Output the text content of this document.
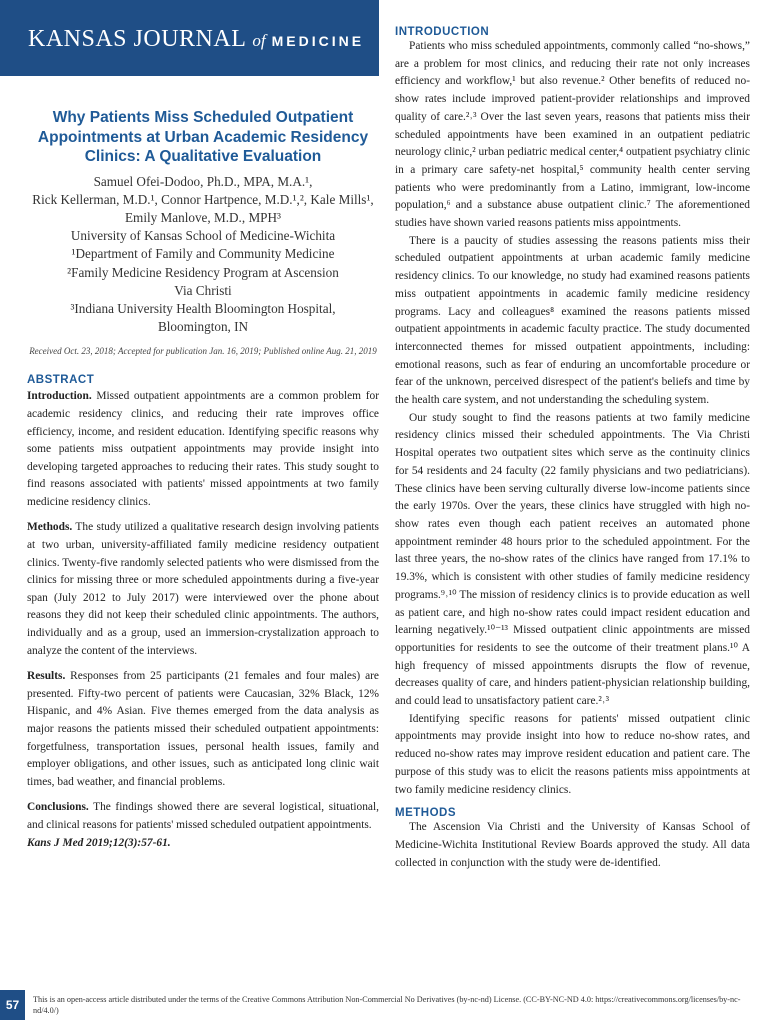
KANSAS JOURNAL of MEDICINE
Why Patients Miss Scheduled Outpatient Appointments at Urban Academic Residency Clinics: A Qualitative Evaluation
Samuel Ofei-Dodoo, Ph.D., MPA, M.A.¹,
Rick Kellerman, M.D.¹, Connor Hartpence, M.D.¹,², Kale Mills¹,
Emily Manlove, M.D., MPH³
University of Kansas School of Medicine-Wichita
¹Department of Family and Community Medicine
²Family Medicine Residency Program at Ascension
Via Christi
³Indiana University Health Bloomington Hospital,
Bloomington, IN
Received Oct. 23, 2018; Accepted for publication Jan. 16, 2019; Published online Aug. 21, 2019
ABSTRACT

Introduction. Missed outpatient appointments are a common problem for academic residency clinics, and reducing their rate improves office efficiency, income, and resident education. Identifying specific reasons why some patients miss outpatient appointments may provide insight into developing targeted approaches to reducing their rates. This study sought to find reasons associated with patients' missed appointments at two family medicine residency clinics.

Methods. The study utilized a qualitative research design involving patients at two urban, university-affiliated family medicine residency outpatient clinics. Twenty-five randomly selected patients who were dismissed from the clinics for missing three or more scheduled appointments during a five-year span (July 2012 to July 2017) were interviewed over the phone about reasons they did not keep their scheduled clinic appointments. The authors, individually and as a group, used an immersion-crystalization approach to analyze the content of the interviews.

Results. Responses from 25 participants (21 females and four males) are presented. Fifty-two percent of patients were Caucasian, 32% Black, 12% Hispanic, and 4% Asian. Five themes emerged from the data analysis as major reasons the patients missed their scheduled outpatient appointments: forgetfulness, transportation issues, personal health issues, family and employer obligations, and other issues, such as anticipated long clinic wait times, bad weather, and financial problems.

Conclusions. The findings showed there are several logistical, situational, and clinical reasons for patients' missed scheduled outpatient appointments.

Kans J Med 2019;12(3):57-61.
INTRODUCTION

Patients who miss scheduled appointments, commonly called “no-shows,” are a problem for most clinics, and reducing their rate not only increases efficiency and workflow,¹ but also revenue.² Other benefits of reduced no-show rates include improved patient-provider relationships and improved quality of care.²˒³ Over the last seven years, reasons that patients miss their scheduled appointments have been examined in an outpatient pediatric neurology clinic,² urban pediatric medical center,⁴ outpatient psychiatry clinic in a primary care safety-net hospital,⁵ community health center serving patients who were predominantly from a Latino, immigrant, low-income population,⁶ and a substance abuse outpatient clinic.⁷ The aforementioned studies have shown varied reasons patients miss appointments.

There is a paucity of studies assessing the reasons patients miss their scheduled outpatient appointments at urban academic family medicine residency clinics. To our knowledge, no study had examined reasons patients miss outpatient appointments in academic family medicine residency programs. Lacy and colleagues⁸ examined the reasons patients missed outpatient appointments in academic faculty practice. The study documented interconnected themes for missed outpatient appointments, including: emotional reasons, such as fear of enduring an uncomfortable procedure or fear of the unknown, perceived disrespect of the patient's beliefs and time by the health care system, and not understanding the scheduling system.

Our study sought to find the reasons patients at two family medicine residency clinics missed their scheduled appointments. The Via Christi Hospital operates two outpatient sites which serve as the continuity clinics for 54 residents and 24 faculty (22 family physicians and two pediatricians). These clinics have been serving culturally diverse low-income patients since the early 1970s. Over the years, these clinics have struggled with high no-show rates even though each patient receives an automated phone appointment reminder 48 hours prior to the scheduled appointment. For the last three years, the no-show rates of the clinics have ranged from 17.1% to 19.3%, which is consistent with other studies of family medicine residency programs.⁹˒¹⁰ The mission of residency clinics is to provide education as well as patient care, and high no-show rates could impact resident education and learning negatively.¹⁰⁻¹³ Missed outpatient clinic appointments are missed opportunities for residents to see the outcome of their treatment plans.¹⁰ A high frequency of missed appointments disrupts the flow of revenue, decreases quality of care, and hinders patient-physician relationship building, and could lead to unsatisfactory patient care.²˒³

Identifying specific reasons for patients' missed outpatient clinic appointments may provide insight into how to reduce no-show rates, and reduced no-show rates may improve resident education and patient care. The purpose of this study was to elicit the reasons patients miss appointments at two family medicine residency clinics.

METHODS

The Ascension Via Christi and the University of Kansas School of Medicine-Wichita Institutional Review Boards approved the study. All data collected in conjunction with the study were de-identified.

57	This is an open-access article distributed under the terms of the Creative Commons Attribution Non-Commercial No Derivatives (by-nc-nd) License. (CC-BY-NC-ND 4.0: https://creativecommons.org/licenses/by-nc-nd/4.0/)
